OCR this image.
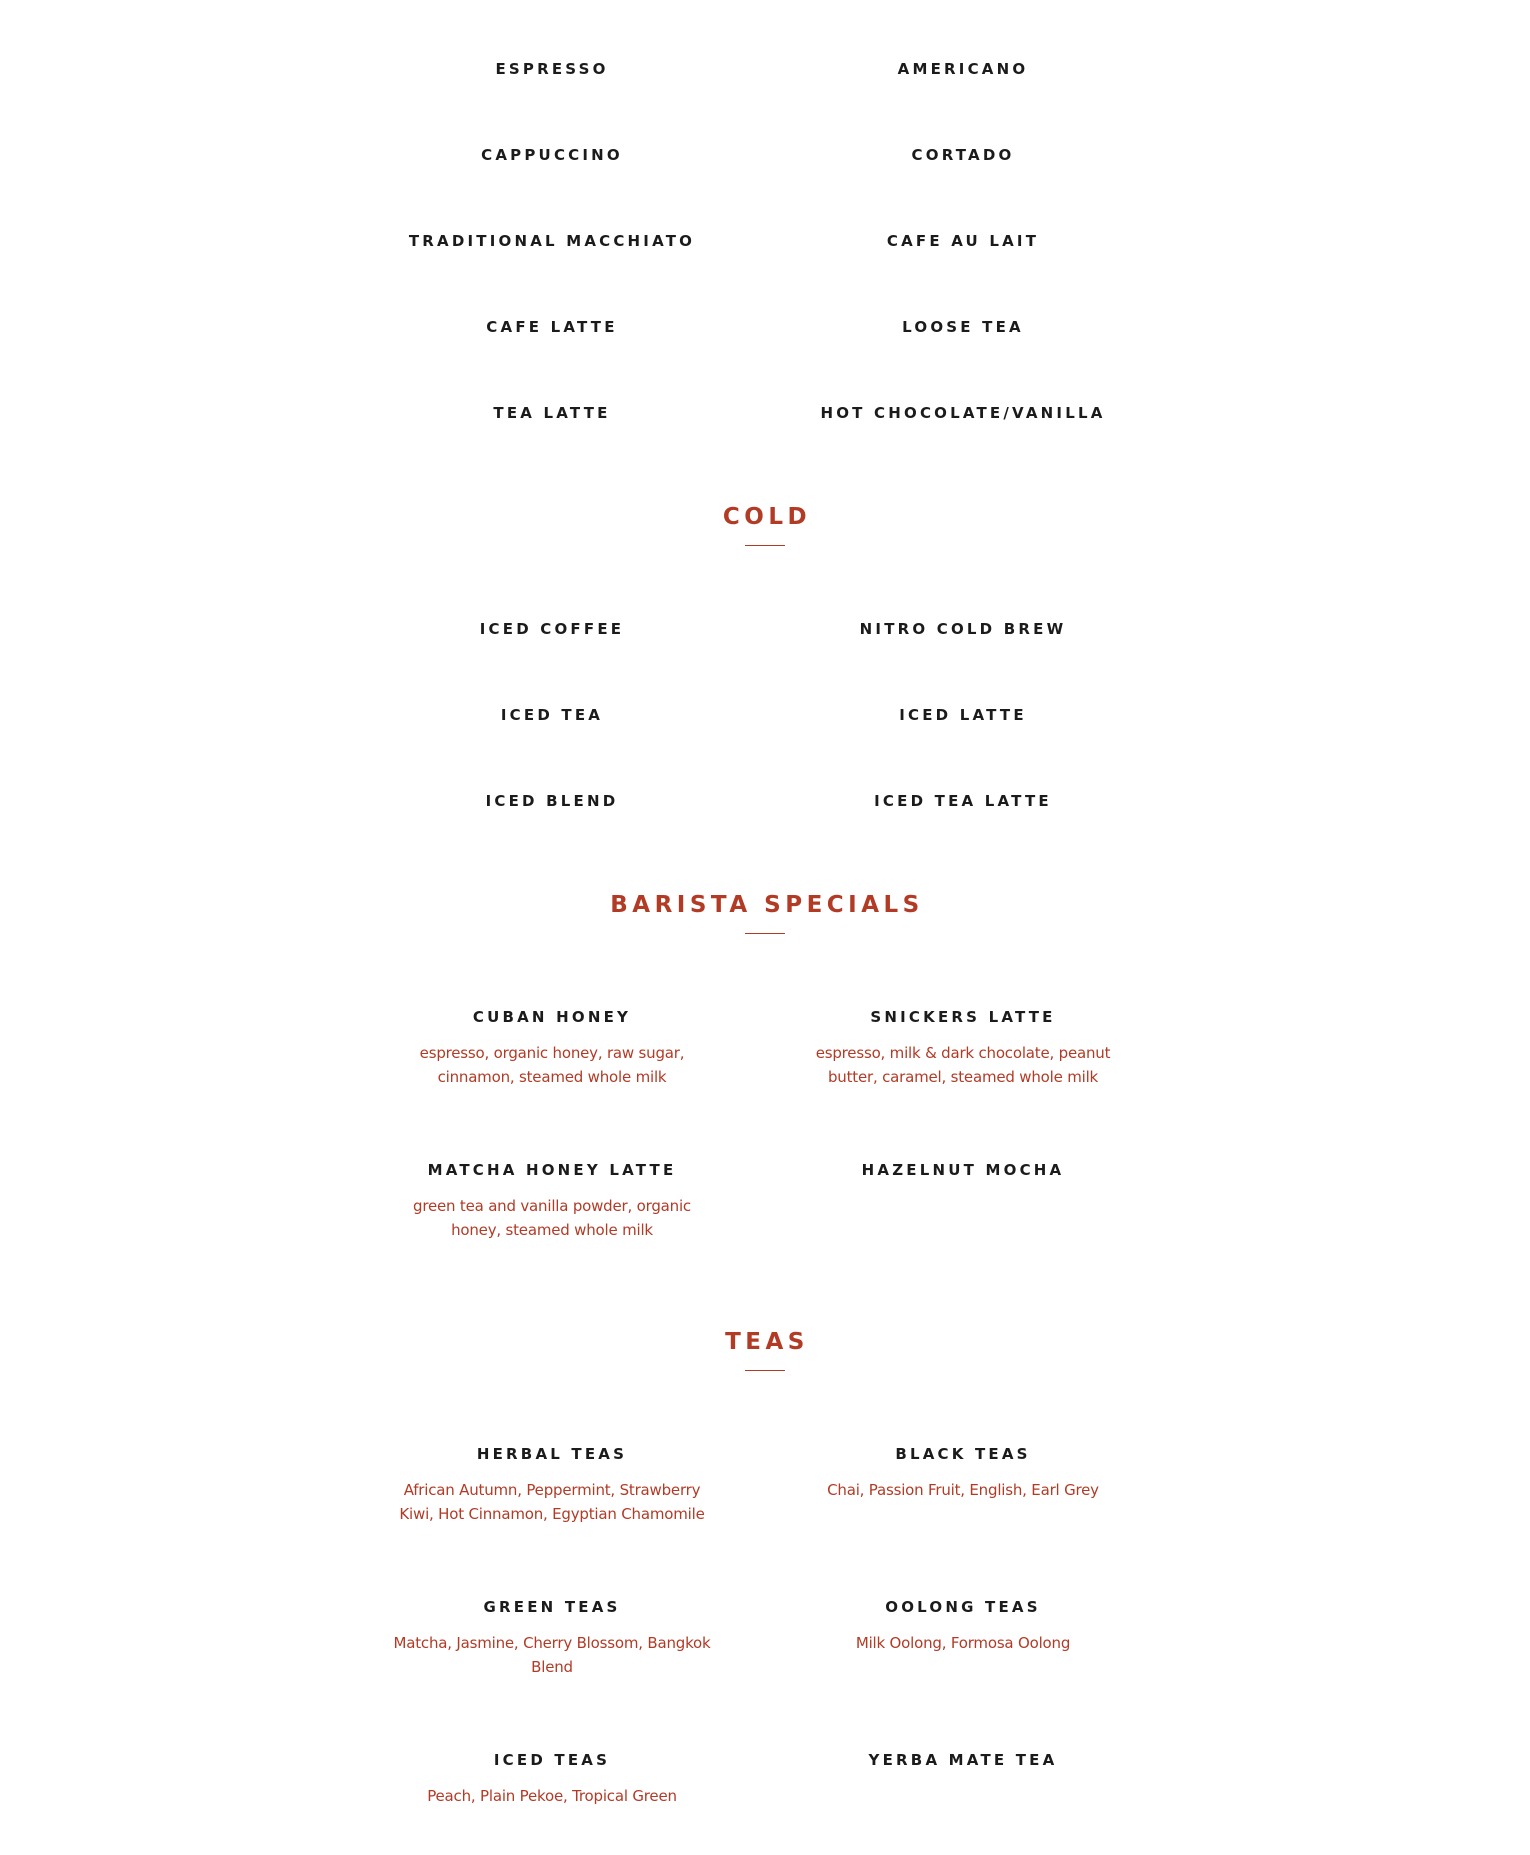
ESPRESSO	AMERICANO
CAPPUCCINO	CORTADO
TRADITIONAL MACCHIATO	CAFE AU LAIT
CAFE LATTE	LOOSE TEA
TEA LATTE	HOT CHOCOLATE/VANILLA
COLD
ICED COFFEE	NITRO COLD BREW
ICED TEA	ICED LATTE
ICED BLEND	ICED TEA LATTE
BARISTA SPECIALS
CUBAN HONEY
espresso, organic honey, raw sugar, cinnamon, steamed whole milk
SNICKERS LATTE
espresso, milk & dark chocolate, peanut butter, caramel, steamed whole milk
MATCHA HONEY LATTE
green tea and vanilla powder, organic honey, steamed whole milk
HAZELNUT MOCHA
TEAS
HERBAL TEAS
African Autumn, Peppermint, Strawberry Kiwi, Hot Cinnamon, Egyptian Chamomile
BLACK TEAS
Chai, Passion Fruit, English, Earl Grey
GREEN TEAS
Matcha, Jasmine, Cherry Blossom, Bangkok Blend
OOLONG TEAS
Milk Oolong, Formosa Oolong
ICED TEAS
Peach, Plain Pekoe, Tropical Green
YERBA MATE TEA
